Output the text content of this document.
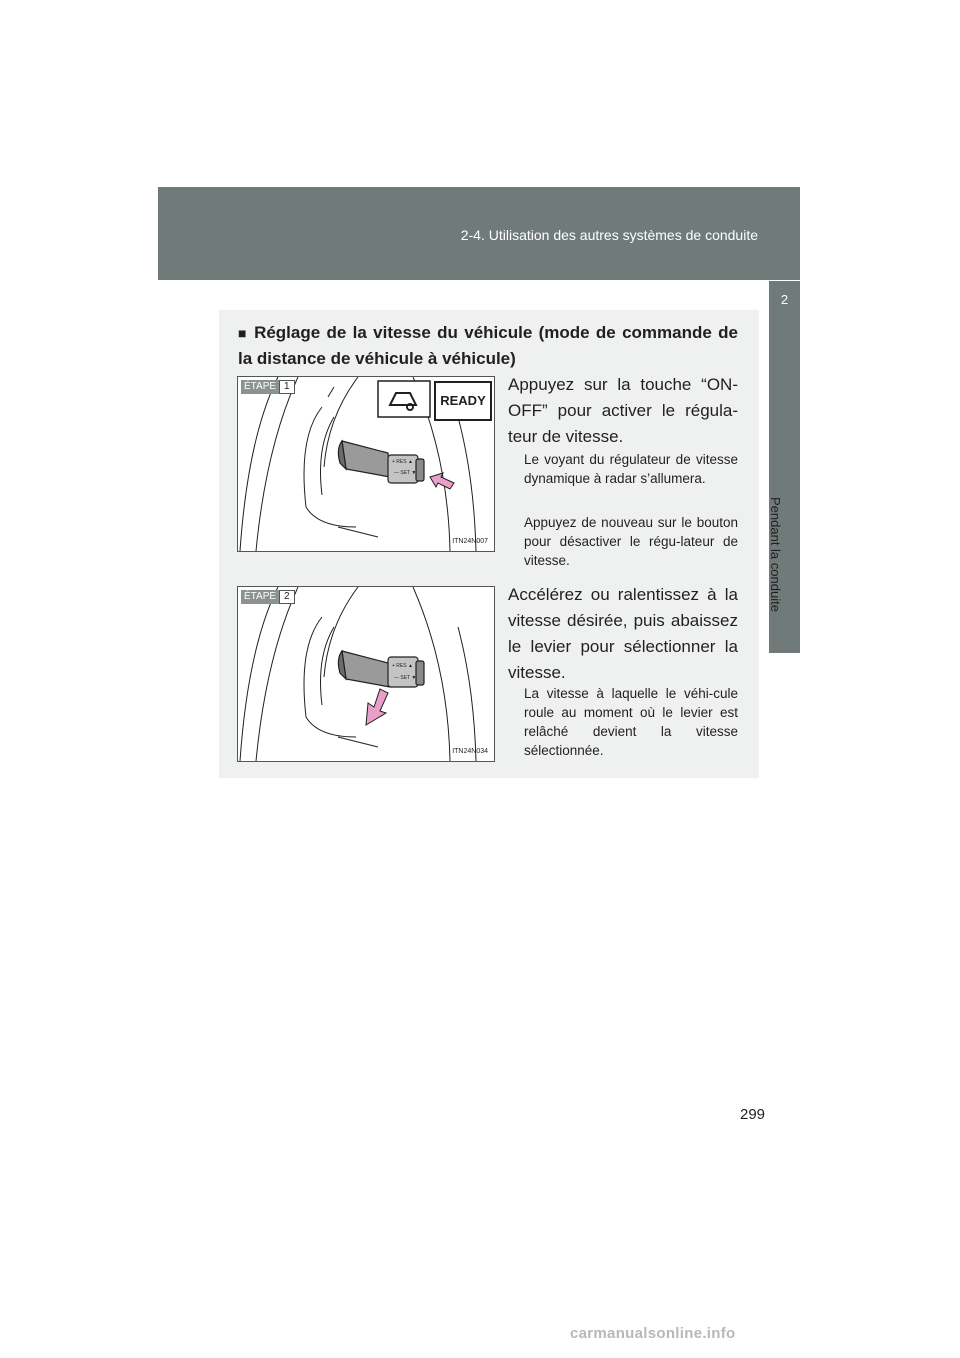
2-4. Utilisation des autres systèmes de conduite
2
Pendant la conduite
■ Réglage de la vitesse du véhicule (mode de commande de la distance de véhicule à véhicule)
+ RES ▲
— SET ▼
READY
ÉTAPE 1
ITN24N007
Appuyez sur la touche “ON-OFF” pour activer le régula-teur de vitesse.
Le voyant du régulateur de vitesse dynamique à radar s’allumera.
Appuyez de nouveau sur le bouton pour désactiver le régu-lateur de vitesse.
+ RES ▲
— SET ▼
ÉTAPE 2
ITN24N034
Accélérez ou ralentissez à la vitesse désirée, puis abaissez le levier pour sélectionner la vitesse.
La vitesse à laquelle le véhi-cule roule au moment où le levier est relâché devient la vitesse sélectionnée.
299
carmanualsonline.info
